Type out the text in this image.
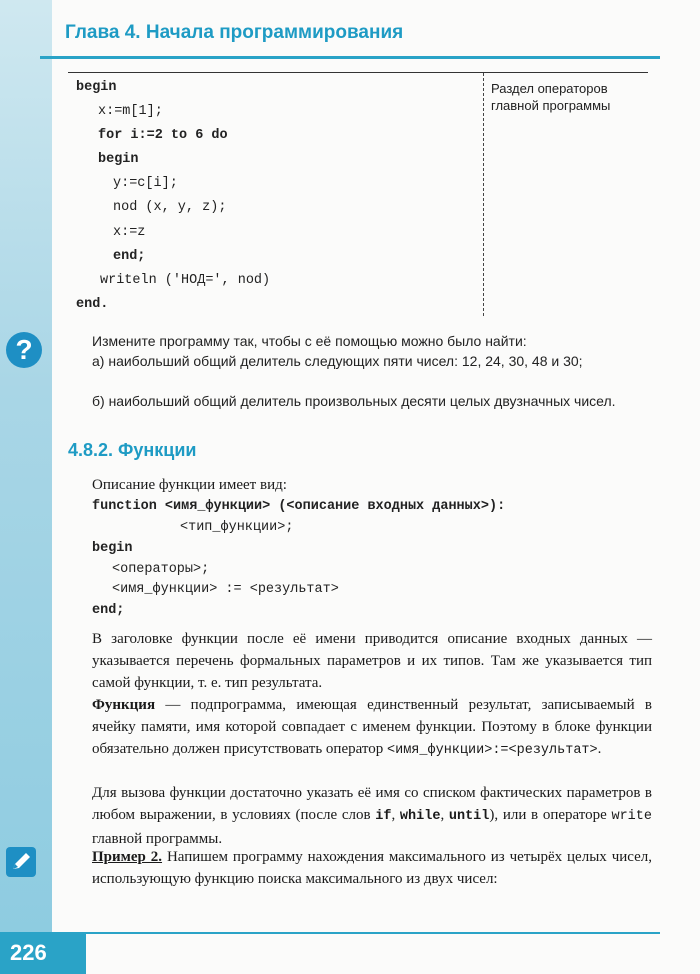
Глава 4. Начала программирования
begin
x:=m[1];
for i:=2 to 6 do
begin
y:=c[i];
nod (x, y, z);
x:=z
end;
writeln ('НОД=', nod)
end.
Раздел операторов главной программы
?	Измените программу так, чтобы с её помощью можно было найти:
а) наибольший общий делитель следующих пяти чисел: 12, 24, 30, 48 и 30;
б) наибольший общий делитель произвольных десяти целых двузначных чисел.
4.8.2. Функции
Описание функции имеет вид:
function <имя_функции> (<описание входных данных>):
<тип_функции>;
begin
<операторы>;
<имя_функции> := <результат>
end;
В заголовке функции после её имени приводится описание входных данных — указывается перечень формальных параметров и их типов. Там же указывается тип самой функции, т. е. тип результата.
Функция — подпрограмма, имеющая единственный результат, записываемый в ячейку памяти, имя которой совпадает с именем функции. Поэтому в блоке функции обязательно должен присутствовать оператор <имя_функции>:=<результат>.
Для вызова функции достаточно указать её имя со списком фактических параметров в любом выражении, в условиях (после слов if, while, until), или в операторе write главной программы.
Пример 2. Напишем программу нахождения максимального из четырёх целых чисел, использующую функцию поиска максимального из двух чисел:
226
